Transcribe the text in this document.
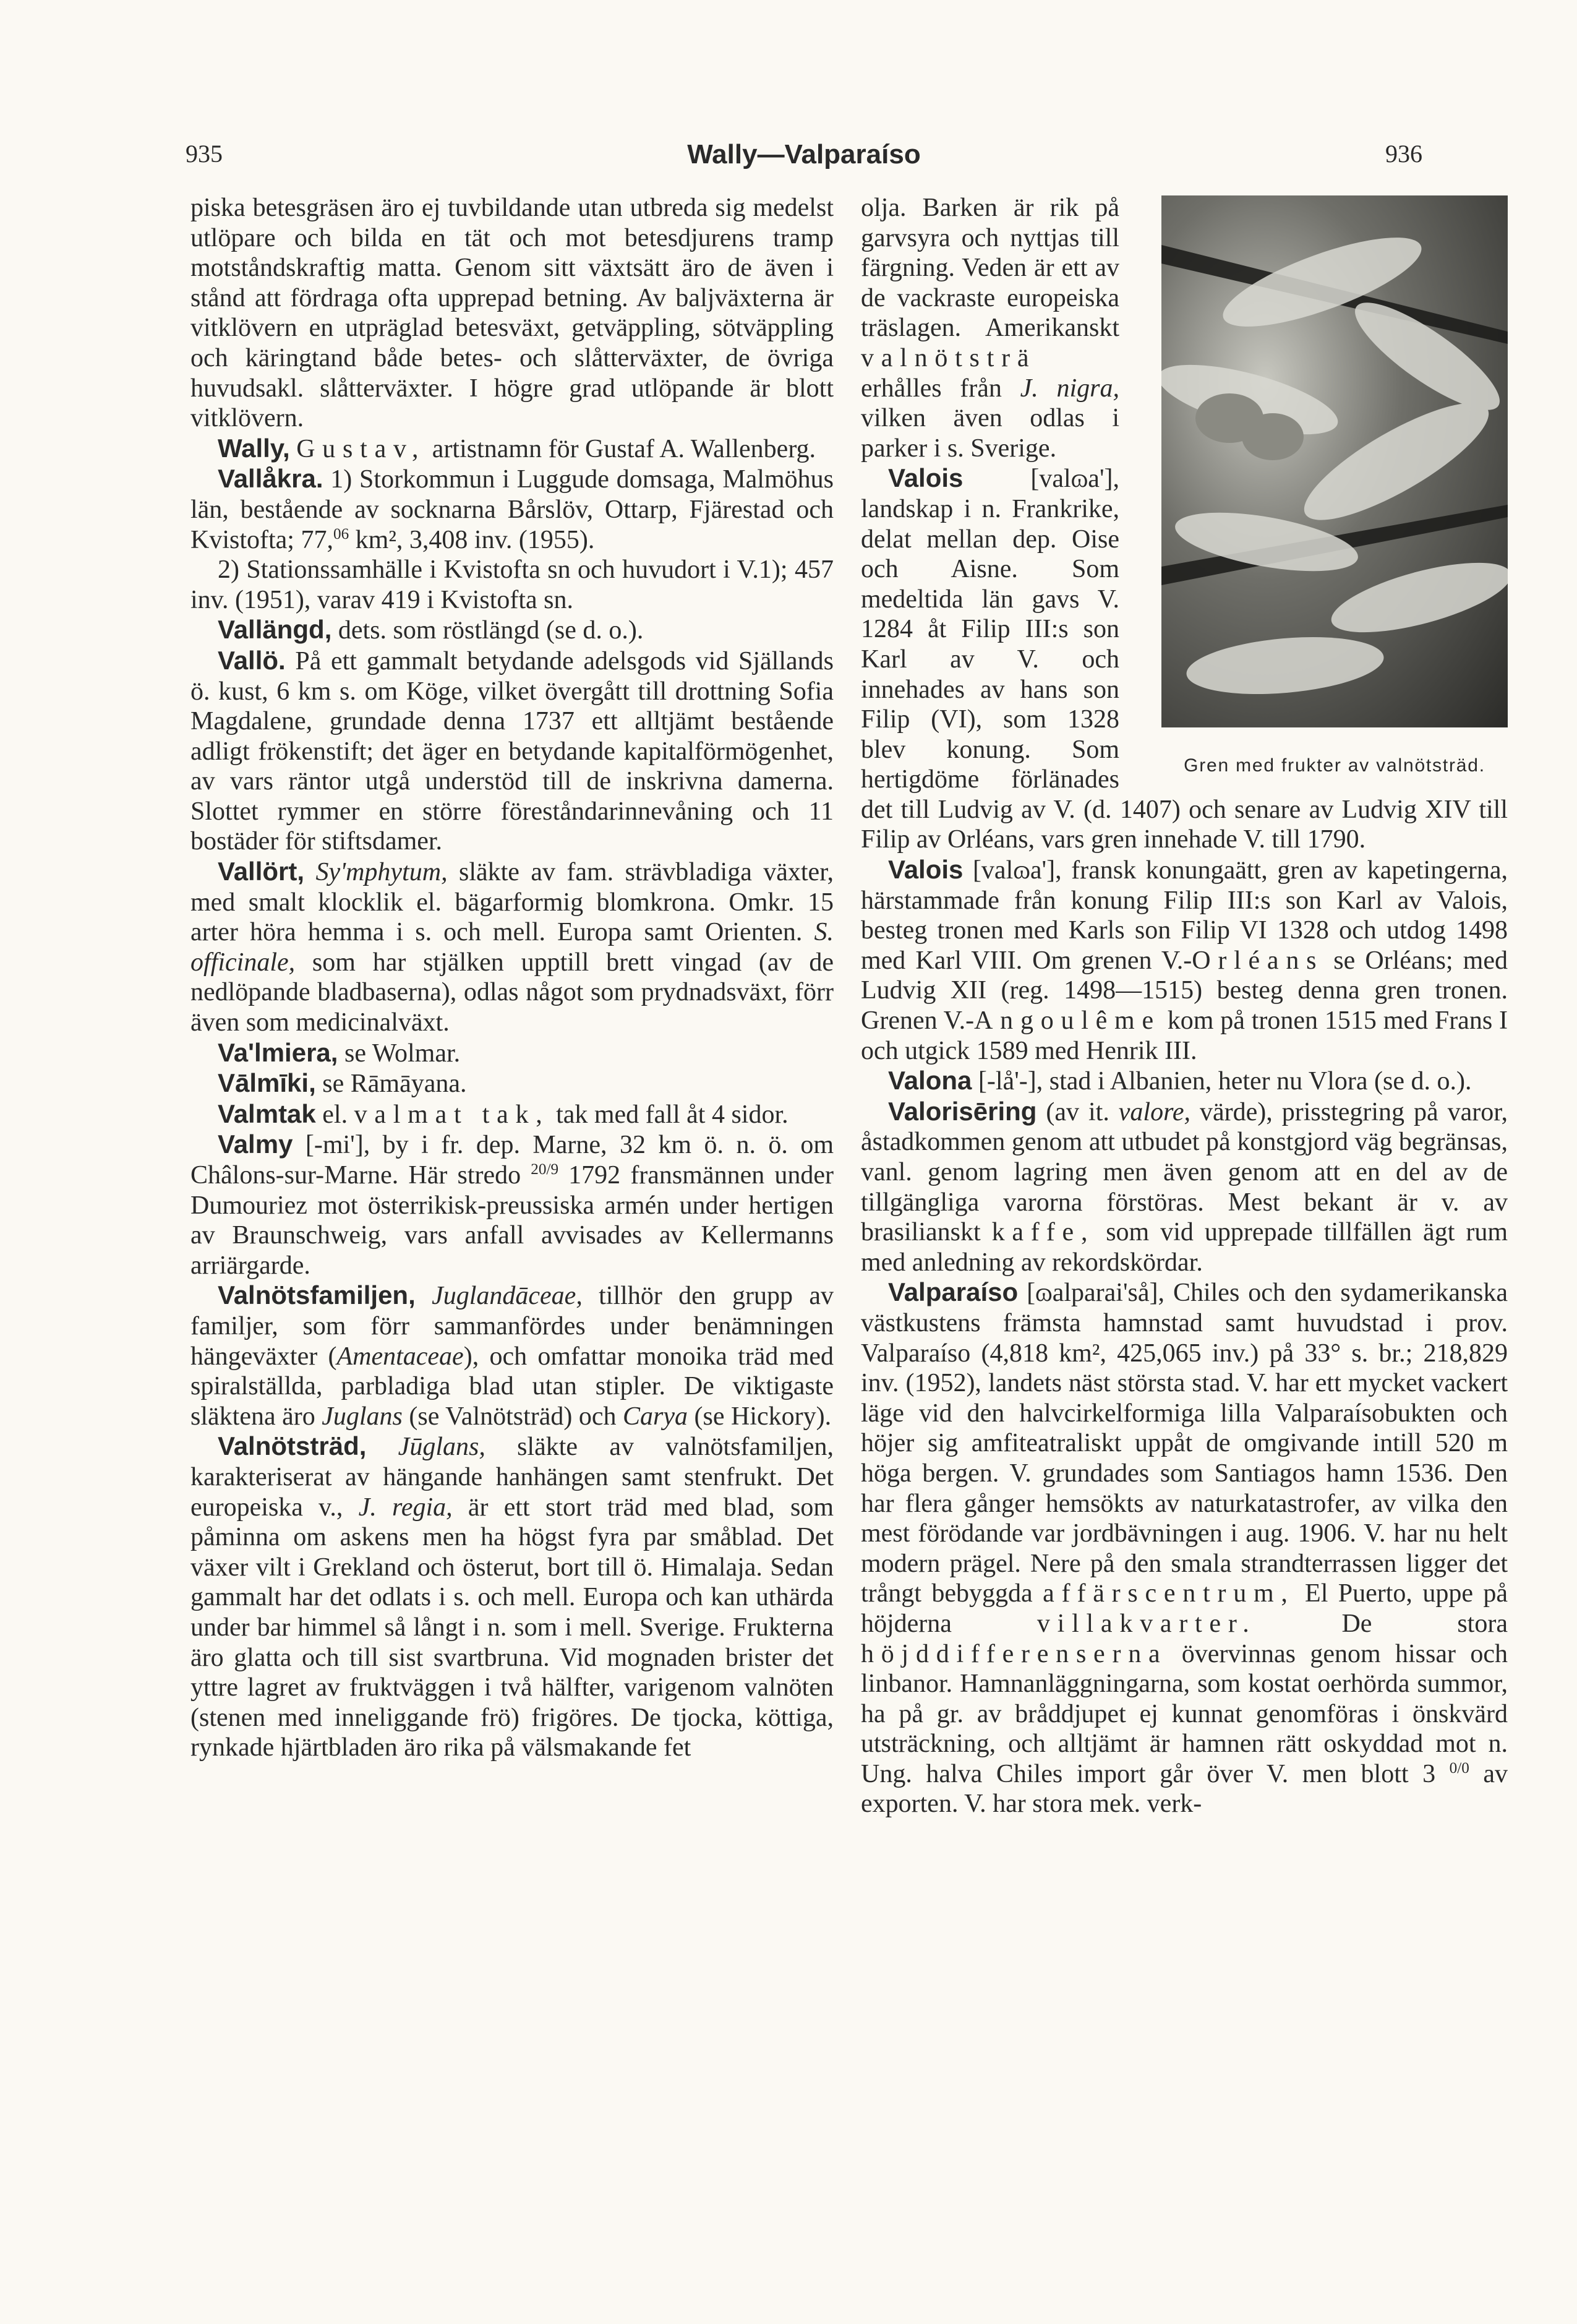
935	Wally—Valparaíso	936

piska betesgräsen äro ej tuvbildande utan utbreda sig medelst utlöpare och bilda en tät och mot betesdjurens tramp motståndskraftig matta. Genom sitt växtsätt äro de även i stånd att fördraga ofta upprepad betning. Av baljväxterna är vitklövern en utpräglad betesväxt, getväppling, sötväppling och käringtand både betes- och slåtterväxter, de övriga huvudsakl. slåtterväxter. I högre grad utlöpande är blott vitklövern.

Wally, Gustav, artistnamn för Gustaf A. Wallenberg.

Vallåkra. 1) Storkommun i Luggude domsaga, Malmöhus län, bestående av socknarna Bårslöv, Ottarp, Fjärestad och Kvistofta; 77,06 km², 3,408 inv. (1955).

2) Stationssamhälle i Kvistofta sn och huvudort i V.1); 457 inv. (1951), varav 419 i Kvistofta sn.

Vallängd, dets. som röstlängd (se d. o.).

Vallö. På ett gammalt betydande adelsgods vid Själlands ö. kust, 6 km s. om Köge, vilket övergått till drottning Sofia Magdalene, grundade denna 1737 ett alltjämt bestående adligt frökenstift; det äger en betydande kapitalförmögenhet, av vars räntor utgå understöd till de inskrivna damerna. Slottet rymmer en större föreståndarinnevåning och 11 bostäder för stiftsdamer.

Vallört, Sy'mphytum, släkte av fam. strävbladiga växter, med smalt klocklik el. bägarformig blomkrona. Omkr. 15 arter höra hemma i s. och mell. Europa samt Orienten. S. officinale, som har stjälken upptill brett vingad (av de nedlöpande bladbaserna), odlas något som prydnadsväxt, förr även som medicinalväxt.

Va'lmiera, se Wolmar.

Vālmīki, se Rāmāyana.

Valmtak el. valmat tak, tak med fall åt 4 sidor.

Valmy [-mi'], by i fr. dep. Marne, 32 km ö. n. ö. om Châlons-sur-Marne. Här stredo $^{20/9}$ 1792 fransmännen under Dumouriez mot österrikisk-preussiska armén under hertigen av Braunschweig, vars anfall avvisades av Kellermanns arriärgarde.

Valnötsfamiljen, Juglandāceae, tillhör den grupp av familjer, som förr sammanfördes under benämningen hängeväxter (Amentaceae), och omfattar monoika träd med spiralställda, parbladiga blad utan stipler. De viktigaste släktena äro Juglans (se Valnötsträd) och Carya (se Hickory).

Valnötsträd, Jūglans, släkte av valnötsfamiljen, karakteriserat av hängande hanhängen samt stenfrukt. Det europeiska v., J. regia, är ett stort träd med blad, som påminna om askens men ha högst fyra par småblad. Det växer vilt i Grekland och österut, bort till ö. Himalaja. Sedan gammalt har det odlats i s. och mell. Europa och kan uthärda under bar himmel så långt i n. som i mell. Sverige. Frukterna äro glatta och till sist svartbruna. Vid mognaden brister det yttre lagret av fruktväggen i två hälfter, varigenom valnöten (stenen med inneliggande frö) frigöres. De tjocka, köttiga, rynkade hjärtbladen äro rika på välsmakande fet

Gren med frukter av valnötsträd.

olja. Barken är rik på garvsyra och nyttjas till färgning. Veden är ett av de vackraste europeiska träslagen. Amerikanskt valnötsträ erhålles från J. nigra, vilken även odlas i parker i s. Sverige.

Valois [valɷa'], landskap i n. Frankrike, delat mellan dep. Oise och Aisne. Som medeltida län gavs V. 1284 åt Filip III:s son Karl av V. och innehades av hans son Filip (VI), som 1328 blev konung. Som hertigdöme förlänades det till Ludvig av V. (d. 1407) och senare av Ludvig XIV till Filip av Orléans, vars gren innehade V. till 1790.

Valois [valɷa'], fransk konungaätt, gren av kapetingerna, härstammade från konung Filip III:s son Karl av Valois, besteg tronen med Karls son Filip VI 1328 och utdog 1498 med Karl VIII. Om grenen V.-Orléans se Orléans; med Ludvig XII (reg. 1498—1515) besteg denna gren tronen. Grenen V.-Angoulême kom på tronen 1515 med Frans I och utgick 1589 med Henrik III.

Valona [-lå'-], stad i Albanien, heter nu Vlora (se d. o.).

Valorisēring (av it. valore, värde), prisstegring på varor, åstadkommen genom att utbudet på konstgjord väg begränsas, vanl. genom lagring men även genom att en del av de tillgängliga varorna förstöras. Mest bekant är v. av brasilianskt kaffe, som vid upprepade tillfällen ägt rum med anledning av rekordskördar.

Valparaíso [ɷalparai'så], Chiles och den sydamerikanska västkustens främsta hamnstad samt huvudstad i prov. Valparaíso (4,818 km², 425,065 inv.) på 33° s. br.; 218,829 inv. (1952), landets näst största stad. V. har ett mycket vackert läge vid den halvcirkelformiga lilla Valparaísobukten och höjer sig amfiteatraliskt uppåt de omgivande intill 520 m höga bergen. V. grundades som Santiagos hamn 1536. Den har flera gånger hemsökts av naturkatastrofer, av vilka den mest förödande var jordbävningen i aug. 1906. V. har nu helt modern prägel. Nere på den smala strandterrassen ligger det trångt bebyggda affärscentrum, El Puerto, uppe på höjderna villakvarter. De stora höjddifferenserna övervinnas genom hissar och linbanor. Hamnanläggningarna, som kostat oerhörda summor, ha på gr. av bråddjupet ej kunnat genomföras i önskvärd utsträckning, och alltjämt är hamnen rätt oskyddad mot n. Ung. halva Chiles import går över V. men blott 3 $^{0/0}$ av exporten. V. har stora mek. verk-
